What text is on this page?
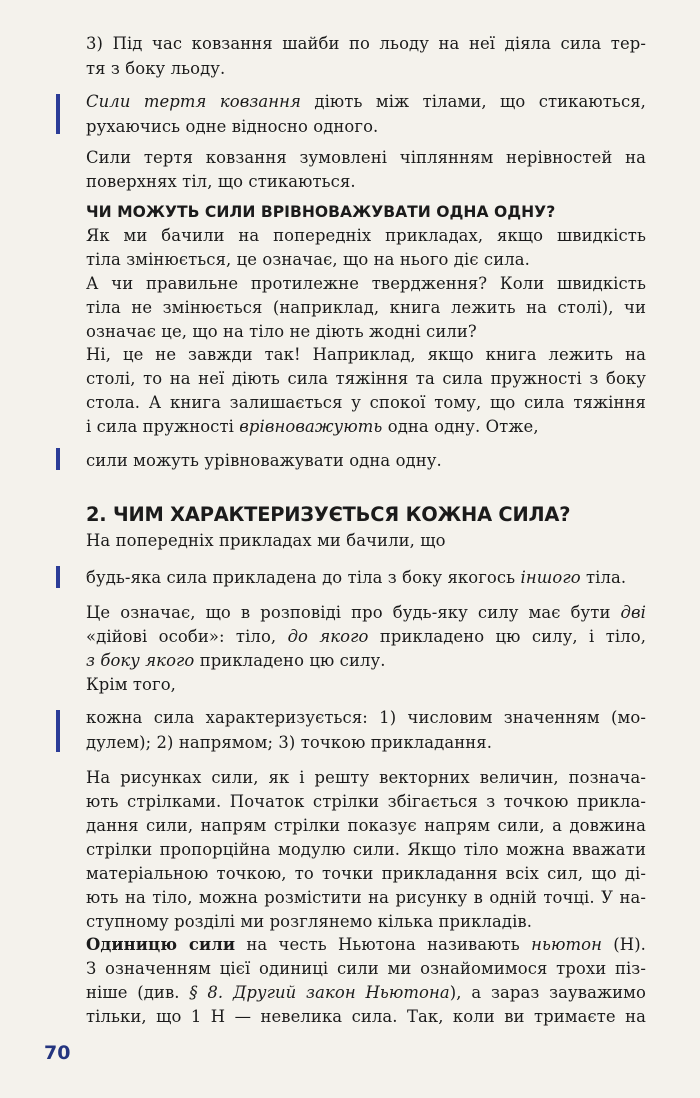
3) Під час ковзання шайби по льоду на неї діяла сила тер-

тя з боку льоду.

Сили тертя ковзання діють між тілами, що стикаються,

рухаючись одне відносно одного.

Сили тертя ковзання зумовлені чіплянням нерівностей на

поверхнях тіл, що стикаються.

ЧИ МОЖУТЬ СИЛИ ВРІВНОВАЖУВАТИ ОДНА ОДНУ?

Як ми бачили на попередніх прикладах, якщо швидкість

тіла змінюється, це означає, що на нього діє сила.

А чи правильне протилежне твердження? Коли швидкість

тіла не змінюється (наприклад, книга лежить на столі), чи

означає це, що на тіло не діють жодні сили?

Ні, це не завжди так! Наприклад, якщо книга лежить на

столі, то на неї діють сила тяжіння та сила пружності з боку

стола. А книга залишається у спокої тому, що сила тяжіння

і сила пружності врівноважують одна одну. Отже,

сили можуть урівноважувати одна одну.

2. ЧИМ ХАРАКТЕРИЗУЄТЬСЯ КОЖНА СИЛА?

На попередніх прикладах ми бачили, що

будь-яка сила прикладена до тіла з боку якогось іншого тіла.

Це означає, що в розповіді про будь-яку силу має бути дві

«дійові особи»: тіло, до якого прикладено цю силу, і тіло,

з боку якого прикладено цю силу.

Крім того,

кожна сила характеризується: 1) числовим значенням (мо-

дулем); 2) напрямом; 3) точкою прикладання.

На рисунках сили, як і решту векторних величин, познача-

ють стрілками. Початок стрілки збігається з точкою прикла-

дання сили, напрям стрілки показує напрям сили, а довжина

стрілки пропорційна модулю сили. Якщо тіло можна вважати

матеріальною точкою, то точки прикладання всіх сил, що ді-

ють на тіло, можна розмістити на рисунку в одній точці. У на-

ступному розділі ми розглянемо кілька прикладів.

Одиницю сили на честь Ньютона називають ньютон (Н).

З означенням цієї одиниці сили ми ознайомимося трохи піз-

ніше (див. § 8. Другий закон Ньютона), а зараз зауважимо

тільки, що 1 Н — невелика сила. Так, коли ви тримаєте на

70
